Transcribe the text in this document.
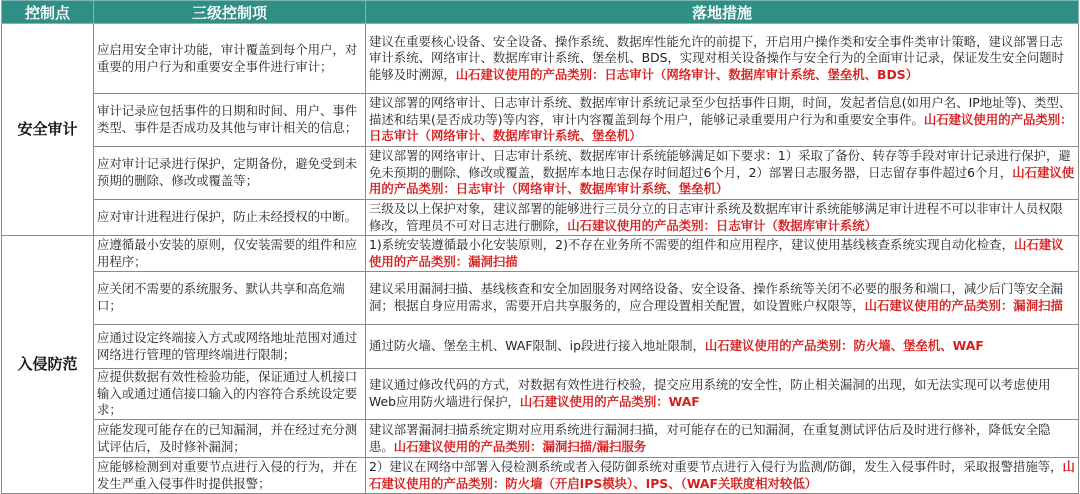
控制点	三级控制项	落地措施
安全审计	应启用安全审计功能，审计覆盖到每个用户，对重要的用户行为和重要安全事件进行审计；	建议在重要核心设备、安全设备、操作系统、数据库性能允许的前提下，开启用户操作类和安全事件类审计策略，建议部署日志审计系统、网络审计、数据库审计系统、堡垒机、BDS，实现对相关设备操作与安全行为的全面审计记录，保证发生安全问题时能够及时溯源，山石建议使用的产品类别：日志审计（网络审计、数据库审计系统、堡垒机、BDS）
	审计记录应包括事件的日期和时间、用户、事件类型、事件是否成功及其他与审计相关的信息；	建议部署的网络审计、日志审计系统、数据库审计系统记录至少包括事件日期，时间，发起者信息(如用户名、IP地址等)、类型、描述和结果(是否成功等)等内容，审计内容覆盖到每个用户，能够记录重要用户行为和重要安全事件。山石建议使用的产品类别：日志审计（网络审计、数据库审计系统、堡垒机）
	应对审计记录进行保护，定期备份，避免受到未预期的删除、修改或覆盖等；	建议部署的网络审计、日志审计系统、数据库审计系统能够满足如下要求：1）采取了备份、转存等手段对审计记录进行保护，避免未预期的删除、修改或覆盖，数据库本地日志保存时间超过6个月，2）部署日志服务器，日志留存事件超过6个月，山石建议使用的产品类别：日志审计（网络审计、数据库审计系统、堡垒机）
	应对审计进程进行保护，防止未经授权的中断。	三级及以上保护对象，建议部署的能够进行三员分立的日志审计系统及数据库审计系统能够满足审计进程不可以非审计人员权限修改，管理员不可对日志进行删除，山石建议使用的产品类别：日志审计（数据库审计系统）
入侵防范	应遵循最小安装的原则，仅安装需要的组件和应用程序；	1)系统安装遵循最小化安装原则，2)不存在业务所不需要的组件和应用程序，建议使用基线核查系统实现自动化检查，山石建议使用的产品类别：漏洞扫描
	应关闭不需要的系统服务、默认共享和高危端口；	建议采用漏洞扫描、基线核查和安全加固服务对网络设备、安全设备、操作系统等关闭不必要的服务和端口，减少后门等安全漏洞；根据自身应用需求，需要开启共享服务的，应合理设置相关配置，如设置账户权限等，山石建议使用的产品类别：漏洞扫描
	应通过设定终端接入方式或网络地址范围对通过网络进行管理的管理终端进行限制；	通过防火墙、堡垒主机、WAF限制、ip段进行接入地址限制，山石建议使用的产品类别：防火墙、堡垒机、WAF
	应提供数据有效性检验功能，保证通过人机接口输入或通过通信接口输入的内容符合系统设定要求；	建议通过修改代码的方式，对数据有效性进行校验，提交应用系统的安全性，防止相关漏洞的出现，如无法实现可以考虑使用Web应用防火墙进行保护，山石建议使用的产品类别：WAF
	应能发现可能存在的已知漏洞，并在经过充分测试评估后，及时修补漏洞；	建议部署漏洞扫描系统定期对应用系统进行漏洞扫描，对可能存在的已知漏洞，在重复测试评估后及时进行修补，降低安全隐患。山石建议使用的产品类别：漏洞扫描/漏扫服务
	应能够检测到对重要节点进行入侵的行为，并在发生严重入侵事件时提供报警；	2）建议在网络中部署入侵检测系统或者入侵防御系统对重要节点进行入侵行为监测/防御，发生入侵事件时，采取报警措施等，山石建议使用的产品类别：防火墙（开启IPS模块）、IPS、（WAF关联度相对较低）
